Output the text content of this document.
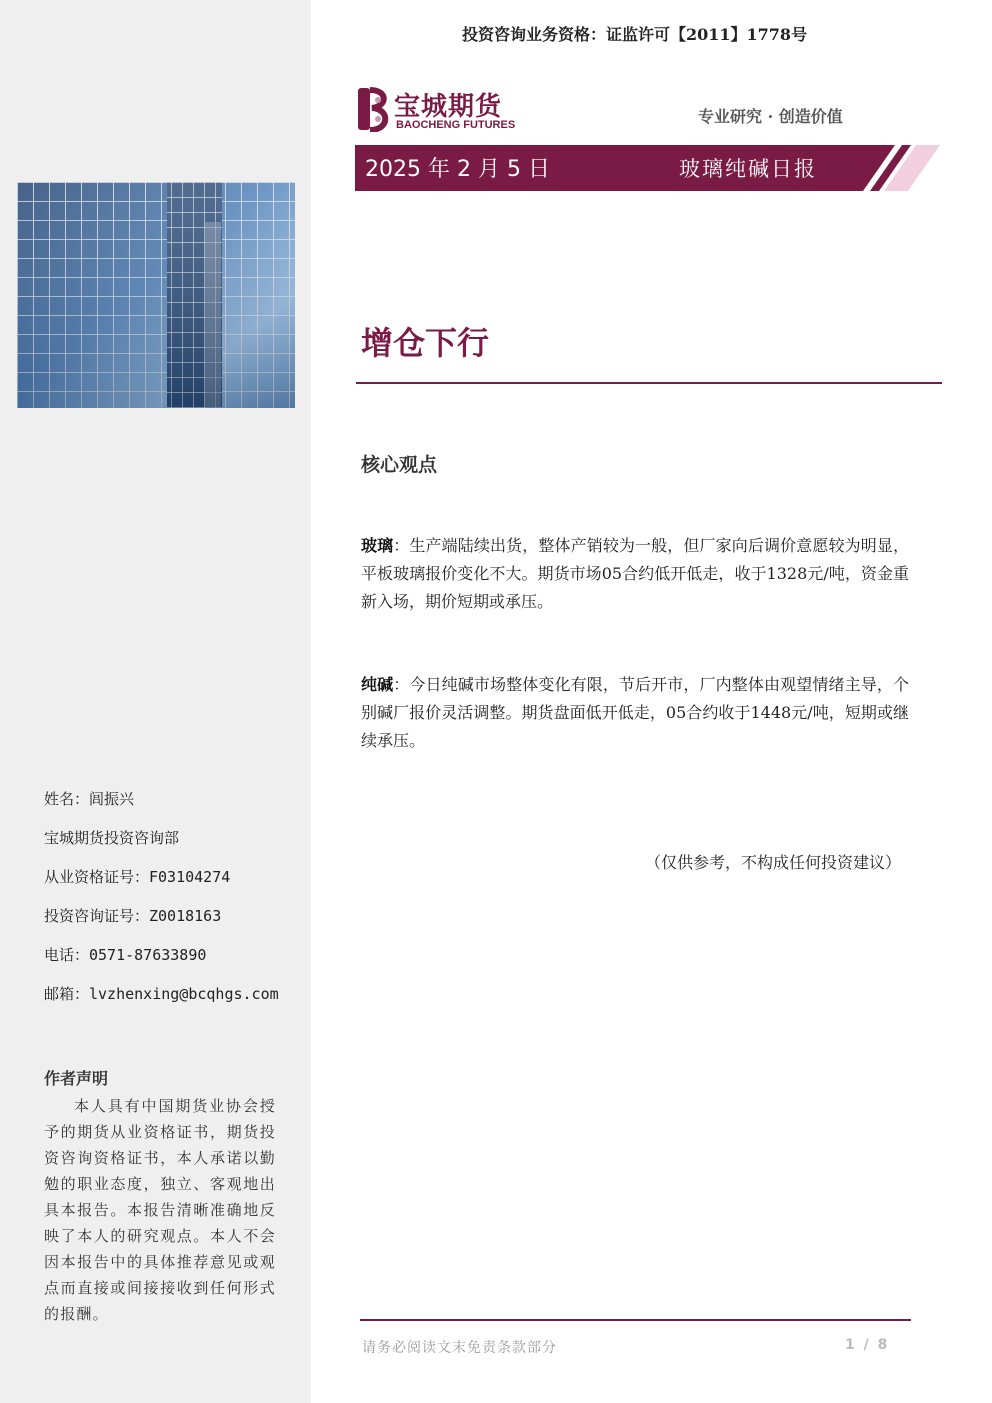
姓名：闾振兴
宝城期货投资咨询部
从业资格证号：F03104274
投资咨询证号：Z0018163
电话：0571-87633890
邮箱：lvzhenxing@bcqhgs.com
作者声明
本人具有中国期货业协会授予的期货从业资格证书，期货投资咨询资格证书，本人承诺以勤勉的职业态度，独立、客观地出具本报告。本报告清晰准确地反映了本人的研究观点。本人不会因本报告中的具体推荐意见或观点而直接或间接接收到任何形式的报酬。
投资咨询业务资格：证监许可【2011】1778号
宝城期货
BAOCHENG FUTURES	专业研究 · 创造价值
2025 年 2 月 5 日	玻璃纯碱日报
增仓下行
核心观点
玻璃：生产端陆续出货，整体产销较为一般，但厂家向后调价意愿较为明显，平板玻璃报价变化不大。期货市场05合约低开低走，收于1328元/吨，资金重新入场，期价短期或承压。
纯碱：今日纯碱市场整体变化有限，节后开市，厂内整体由观望情绪主导，个别碱厂报价灵活调整。期货盘面低开低走，05合约收于1448元/吨，短期或继续承压。
（仅供参考，不构成任何投资建议）
请务必阅读文末免责条款部分	1 / 8
